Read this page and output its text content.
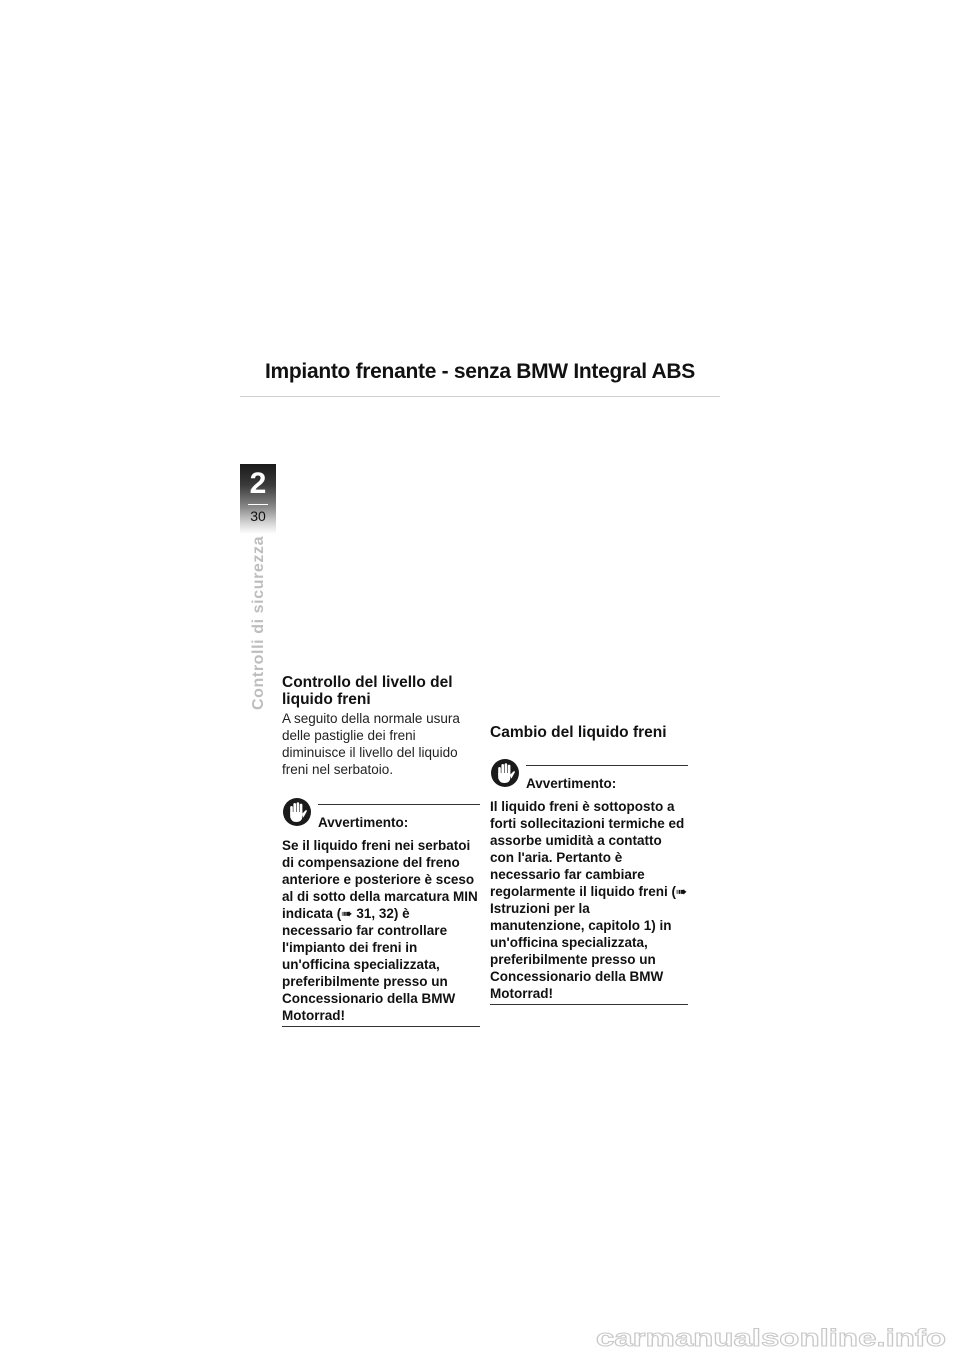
Impianto frenante - senza BMW Integral ABS
2
30
Controlli di sicurezza Controllo del livello del liquido freni

A seguito della normale usura delle pastiglie dei freni diminuisce il livello del liquido freni nel serbatoio.

Avvertimento:
Se il liquido freni nei serbatoi di compensazione del freno anteriore e posteriore è sceso al di sotto della marcatura MIN indicata (➠ 31, 32) è necessario far controllare l'impianto dei freni in un'officina specializzata, preferibilmente presso un Concessionario della BMW Motorrad!
Cambio del liquido freni
Avvertimento:
Il liquido freni è sottoposto a forti sollecitazioni termiche ed assorbe umidità a contatto con l'aria. Pertanto è necessario far cambiare regolarmente il liquido freni (➠ Istruzioni per la manutenzione, capitolo 1) in un'officina specializzata, preferibilmente presso un Concessionario della BMW Motorrad!
carmanualsonline.info
